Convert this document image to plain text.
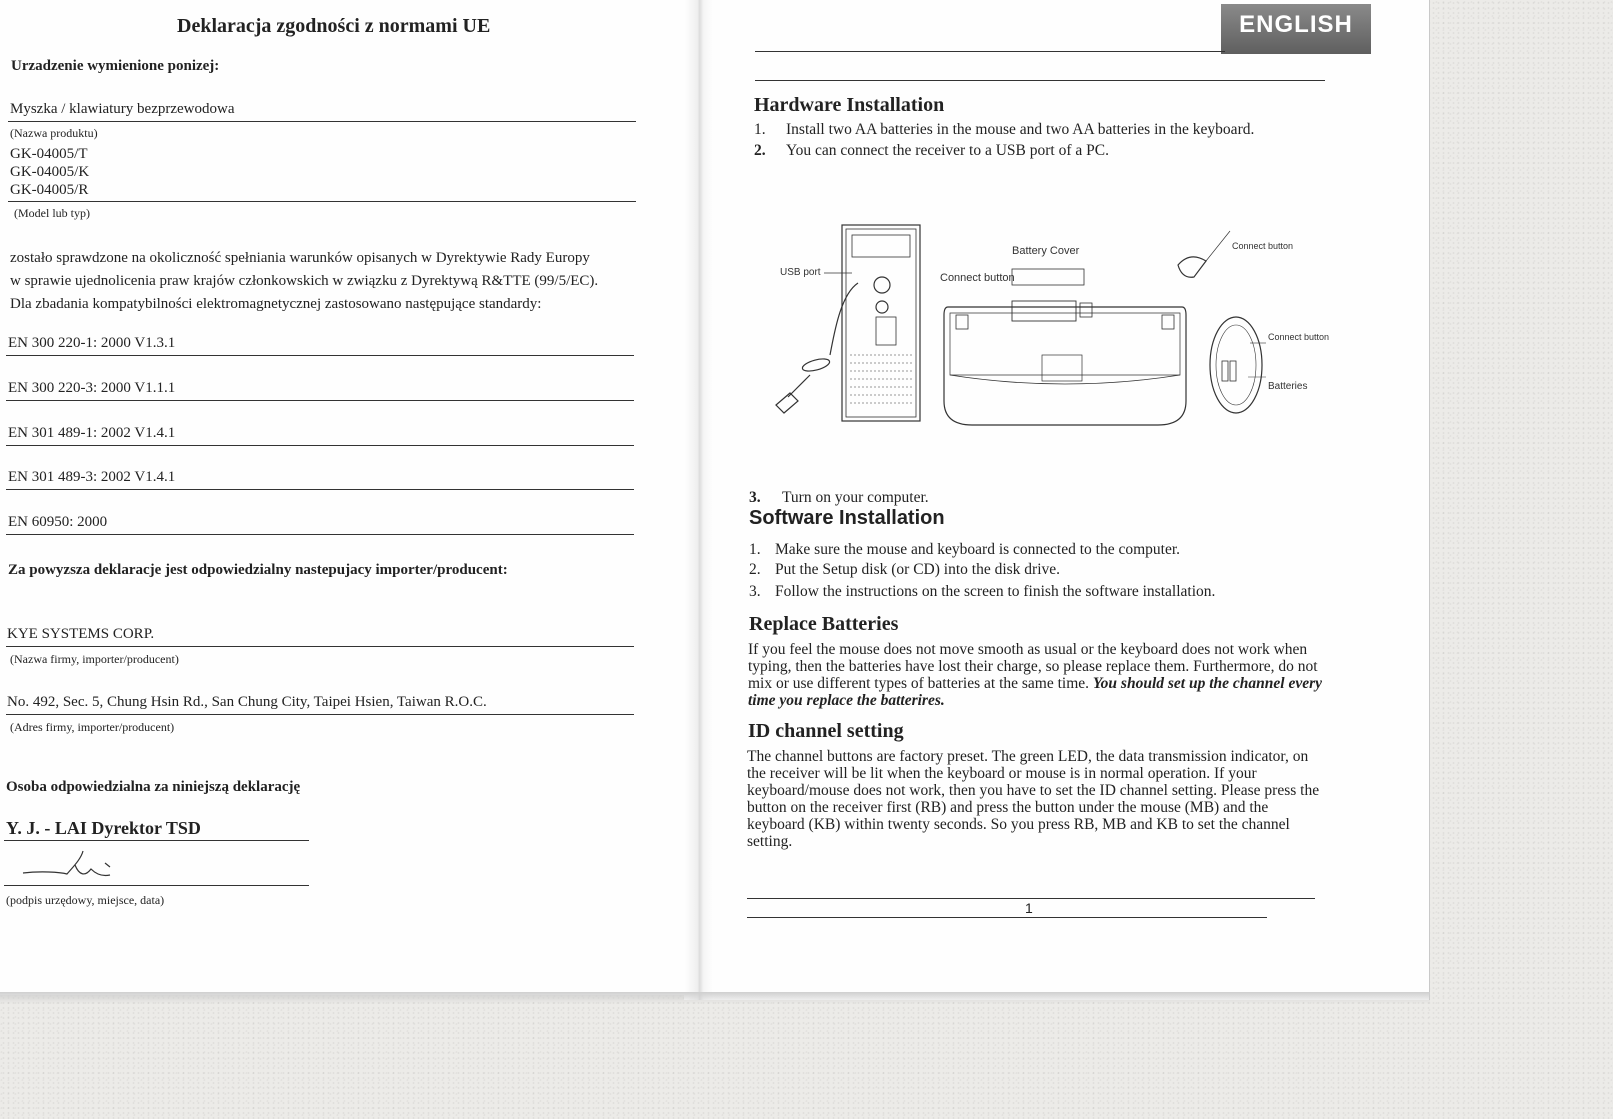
Deklaracja zgodności z normami UE
Urzadzenie wymienione ponizej:
Myszka / klawiatury bezprzewodowa
(Nazwa produktu)
GK-04005/T
GK-04005/K
GK-04005/R
(Model lub typ)
zostało sprawdzone na okoliczność spełniania warunków opisanych w Dyrektywie Rady Europy
w sprawie ujednolicenia praw krajów członkowskich w związku z Dyrektywą R&TTE (99/5/EC).
Dla zbadania kompatybilności elektromagnetycznej zastosowano następujące standardy:
EN 300 220-1: 2000 V1.3.1
EN 300 220-3: 2000 V1.1.1
EN 301 489-1: 2002 V1.4.1
EN 301 489-3: 2002 V1.4.1
EN 60950: 2000
Za powyzsza deklaracje jest odpowiedzialny nastepujacy importer/producent:
KYE SYSTEMS CORP.
(Nazwa firmy, importer/producent)
No. 492, Sec. 5, Chung Hsin Rd., San Chung City, Taipei Hsien, Taiwan R.O.C.
(Adres firmy, importer/producent)
Osoba odpowiedzialna za niniejszą deklarację
Y. J. - LAI Dyrektor TSD
(podpis urzędowy, miejsce, data)
ENGLISH
Hardware Installation
1. Install two AA batteries in the mouse and two AA batteries in the keyboard.
2. You can connect the receiver to a USB port of a PC.
USB port	Connect button
Battery Cover	Connect button
Connect button
Batteries
3. Turn on your computer.
Software Installation
1. Make sure the mouse and keyboard is connected to the computer.
2. Put the Setup disk (or CD) into the disk drive.
3. Follow the instructions on the screen to finish the software installation.
Replace Batteries
If you feel the mouse does not move smooth as usual or the keyboard does not work when typing, then the batteries have lost their charge, so please replace them. Furthermore, do not mix or use different types of batteries at the same time. You should set up the channel every time you replace the batterires.
ID channel setting
The channel buttons are factory preset. The green LED, the data transmission indicator, on the receiver will be lit when the keyboard or mouse is in normal operation. If your keyboard/mouse does not work, then you have to set the ID channel setting. Please press the button on the receiver first (RB) and press the button under the mouse (MB) and the keyboard (KB) within twenty seconds. So you press RB, MB and KB to set the channel setting.
1
